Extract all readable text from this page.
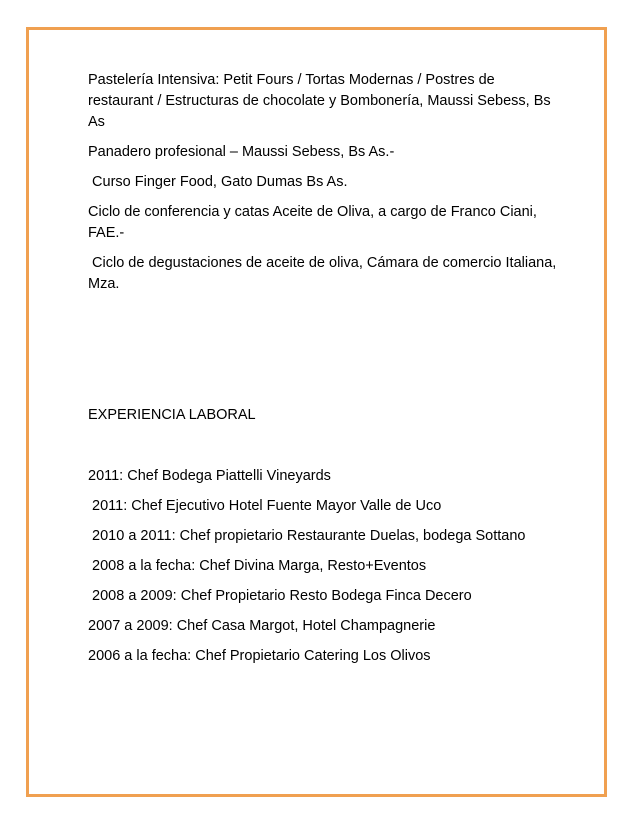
Pastelería Intensiva: Petit Fours / Tortas Modernas / Postres de restaurant / Estructuras de chocolate y Bombonería, Maussi Sebess, Bs As

Panadero profesional – Maussi Sebess, Bs As.-

Curso Finger Food, Gato Dumas Bs As.

Ciclo de conferencia y catas Aceite de Oliva, a cargo de Franco Ciani, FAE.-

Ciclo de degustaciones de aceite de oliva, Cámara de comercio Italiana, Mza.

EXPERIENCIA LABORAL

2011: Chef Bodega Piattelli Vineyards

2011: Chef Ejecutivo Hotel Fuente Mayor Valle de Uco

2010 a 2011: Chef propietario Restaurante Duelas, bodega Sottano

2008 a la fecha: Chef Divina Marga, Resto+Eventos

2008 a 2009: Chef Propietario Resto Bodega Finca Decero

2007 a 2009: Chef Casa Margot, Hotel Champagnerie

2006 a la fecha: Chef Propietario Catering Los Olivos
